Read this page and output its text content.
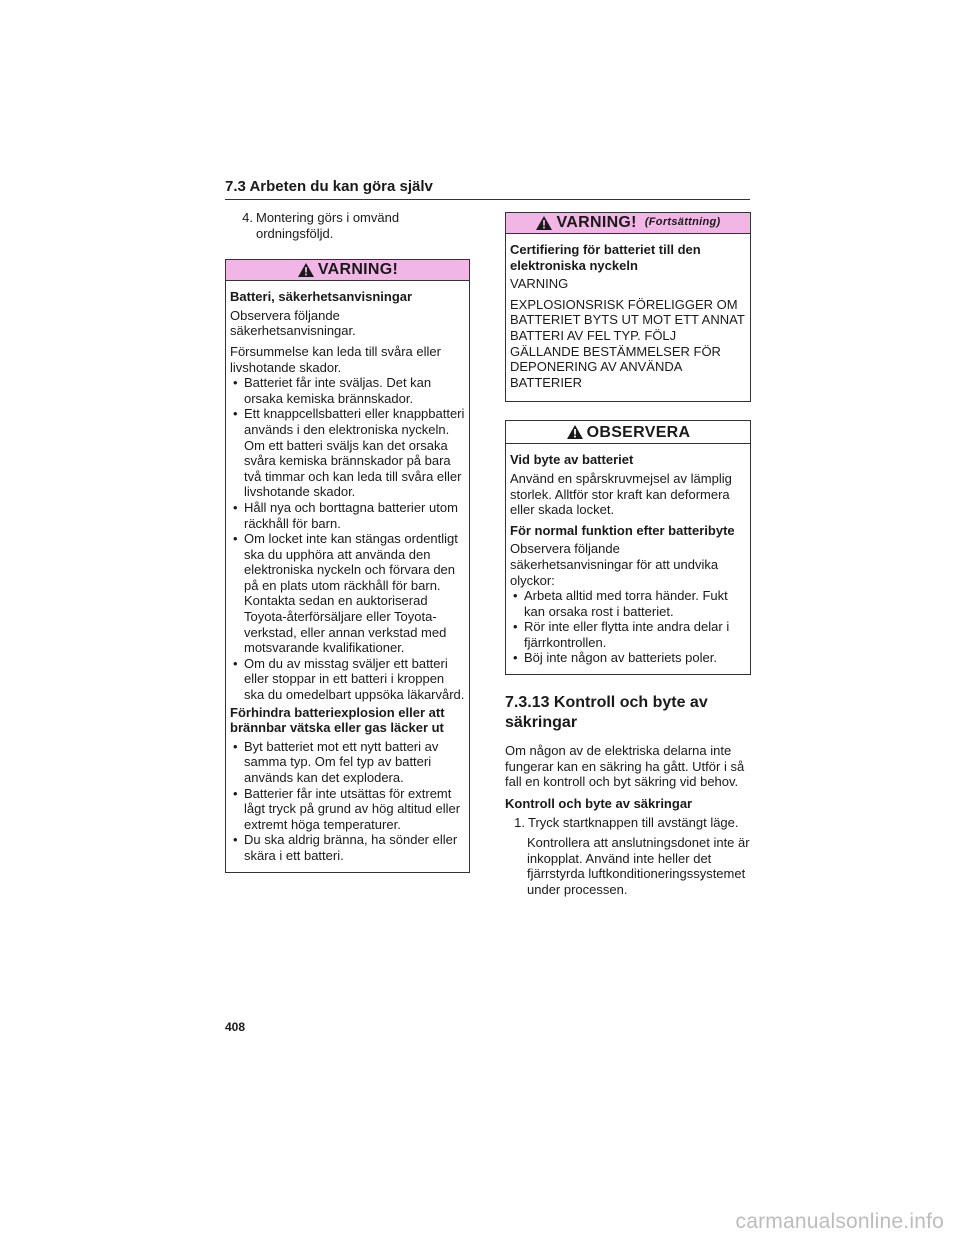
7.3 Arbeten du kan göra själv
4. Montering görs i omvänd ordningsföljd.
VARNING!

Batteri, säkerhetsanvisningar

Observera följande säkerhetsanvisningar.

Försummelse kan leda till svåra eller livshotande skador.

• Batteriet får inte sväljas. Det kan orsaka kemiska brännskador.
• Ett knappcellsbatteri eller knappbatteri används i den elektroniska nyckeln. Om ett batteri sväljs kan det orsaka svåra kemiska brännskador på bara två timmar och kan leda till svåra eller livshotande skador.
• Håll nya och borttagna batterier utom räckhåll för barn.
• Om locket inte kan stängas ordentligt ska du upphöra att använda den elektroniska nyckeln och förvara den på en plats utom räckhåll för barn. Kontakta sedan en auktoriserad Toyota-återförsäljare eller Toyota-verkstad, eller annan verkstad med motsvarande kvalifikationer.
• Om du av misstag sväljer ett batteri eller stoppar in ett batteri i kroppen ska du omedelbart uppsöka läkarvård.

Förhindra batteriexplosion eller att brännbar vätska eller gas läcker ut

• Byt batteriet mot ett nytt batteri av samma typ. Om fel typ av batteri används kan det explodera.
• Batterier får inte utsättas för extremt lågt tryck på grund av hög altitud eller extremt höga temperaturer.
• Du ska aldrig bränna, ha sönder eller skära i ett batteri.
VARNING! (Fortsättning)

Certifiering för batteriet till den elektroniska nyckeln

VARNING

EXPLOSIONSRISK FÖRELIGGER OM BATTERIET BYTS UT MOT ETT ANNAT BATTERI AV FEL TYP. FÖLJ GÄLLANDE BESTÄMMELSER FÖR DEPONERING AV ANVÄNDA BATTERIER

OBSERVERA

Vid byte av batteriet

Använd en spårskruvmejsel av lämplig storlek. Alltför stor kraft kan deformera eller skada locket.

För normal funktion efter batteribyte

Observera följande säkerhetsanvisningar för att undvika olyckor:

• Arbeta alltid med torra händer. Fukt kan orsaka rost i batteriet.
• Rör inte eller flytta inte andra delar i fjärrkontrollen.
• Böj inte någon av batteriets poler.
7.3.13 Kontroll och byte av säkringar

Om någon av de elektriska delarna inte fungerar kan en säkring ha gått. Utför i så fall en kontroll och byt säkring vid behov.

Kontroll och byte av säkringar

1. Tryck startknappen till avstängt läge.
Kontrollera att anslutningsdonet inte är inkopplat. Använd inte heller det fjärrstyrda luftkonditioneringssystemet under processen.
408
carmanualsonline.info
